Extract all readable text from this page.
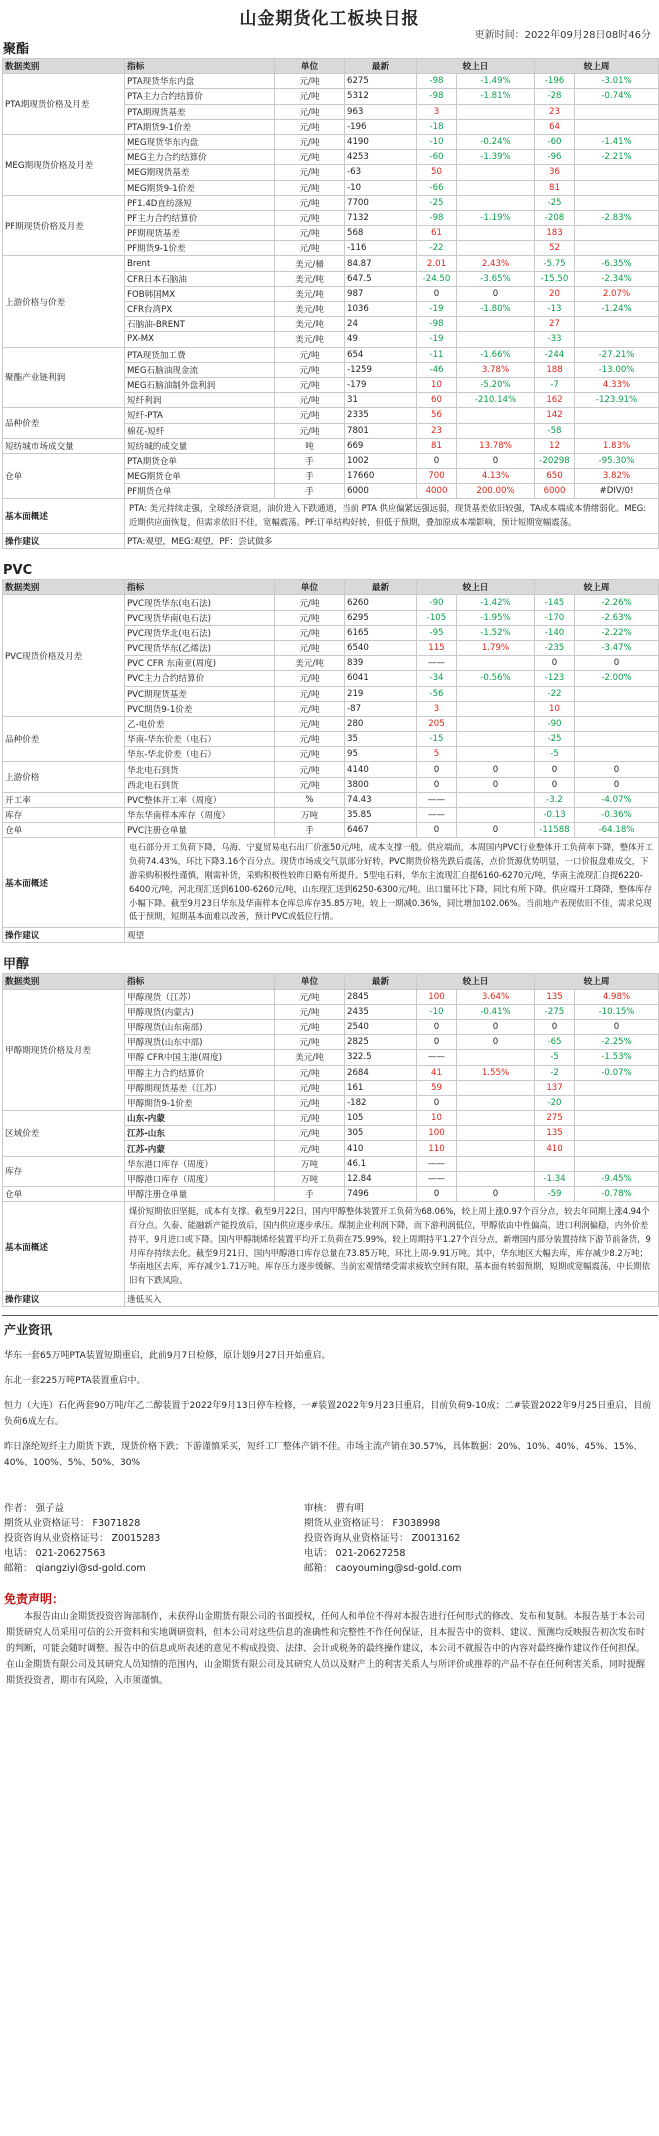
山金期货化工板块日报
更新时间：2022年09月28日08时46分
聚酯
数据类别	指标	单位	最新	较上日		较上周	
PTA期现货价格及月差	PTA现货华东内盘	元/吨	6275	-98	-1.49%	-196	-3.01%
	PTA主力合约结算价	元/吨	5312	-98	-1.81%	-28	-0.74%
	PTA期现货基差	元/吨	963	3		23	
	PTA期货9-1价差	元/吨	-196	-18		64	
MEG期现货价格及月差	MEG现货华东内盘	元/吨	4190	-10	-0.24%	-60	-1.41%
	MEG主力合约结算价	元/吨	4253	-60	-1.39%	-96	-2.21%
	MEG期现货基差	元/吨	-63	50		36	
	MEG期货9-1价差	元/吨	-10	-66		81	
PF期现货价格及月差	PF1.4D直纺涤短	元/吨	7700	-25		-25	
	PF主力合约结算价	元/吨	7132	-98	-1.19%	-208	-2.83%
	PF期现货基差	元/吨	568	61		183	
	PF期货9-1价差	元/吨	-116	-22		52	
上游价格与价差	Brent	美元/桶	84.87	2.01	2.43%	-5.75	-6.35%
	CFR日本石脑油	美元/吨	647.5	-24.50	-3.65%	-15.50	-2.34%
	FOB韩国MX	美元/吨	987	0	0	20	2.07%
	CFR台湾PX	美元/吨	1036	-19	-1.80%	-13	-1.24%
	石脑油-BRENT	美元/吨	24	-98		27	
	PX-MX	美元/吨	49	-19		-33	
聚酯产业链利润	PTA现货加工费	元/吨	654	-11	-1.66%	-244	-27.21%
	MEG石脑油现金流	元/吨	-1259	-46	3.78%	188	-13.00%
	MEG石脑油制外盘利润	元/吨	-179	10	-5.20%	-7	4.33%
	短纤利润	元/吨	31	60	-210.14%	162	-123.91%
品种价差	短纤-PTA	元/吨	2335	56		142	
	棉花-短纤	元/吨	7801	23		-58	
短纺城市场成交量	短纺城的成交量	吨	669	81	13.78%	12	1.83%
仓单	PTA期货仓单	手	1002	0	0	-20298	-95.30%
	MEG期货仓单	手	17660	700	4.13%	650	3.82%
	PF期货仓单	手	6000	4000	200.00%	6000	#DIV/0!
基本面概述	PTA: 美元持续走强，全球经济衰退，油价进入下跌通道，当前 PTA 供应偏紧远强远弱，现货基差依旧较强，TA成本端成本情绪弱化。MEG:近期供应面恢复，但需求依旧不佳，宽幅震荡。PF:订单结构好转，但低于预期，叠加原成本端影响，预计短期宽幅震荡。						
操作建议	PTA:观望，MEG:观望，PF：尝试做多						
PVC
数据类别	指标	单位	最新	较上日		较上周	
PVC现货价格及月差	PVC现货华东(电石法)	元/吨	6260	-90	-1.42%	-145	-2.26%
	PVC现货华南(电石法)	元/吨	6295	-105	-1.95%	-170	-2.63%
	PVC现货华北(电石法)	元/吨	6165	-95	-1.52%	-140	-2.22%
	PVC现货华东(乙烯法)	元/吨	6540	115	1.79%	-235	-3.47%
	PVC CFR 东南亚(周度)	美元/吨	839	——		0	0
	PVC主力合约结算价	元/吨	6041	-34	-0.56%	-123	-2.00%
	PVC期现货基差	元/吨	219	-56		-22	
	PVC期货9-1价差	元/吨	-87	3		10	
品种价差	乙-电价差	元/吨	280	205		-90	
	华南-华东价差（电石）	元/吨	35	-15		-25	
	华东-华北价差（电石）	元/吨	95	5		-5	
上游价格	华北电石到货	元/吨	4140	0	0	0	0
	西北电石到货	元/吨	3800	0	0	0	0
开工率	PVC整体开工率（周度）	%	74.43	——		-3.2	-4.07%
库存	华东华南样本库存（周度）	万吨	35.85	——		-0.13	-0.36%
仓单	PVC注册仓单量	手	6467	0	0	-11588	-64.18%
基本面概述	电石部分开工负荷下降，乌海、宁夏贸易电石出厂价涨50元/吨，成本支撑一般。供应端而，本周国内PVC行业整体开工负荷率下降，整体开工负荷74.43%，环比下降3.16个百分点。现货市场成交气氛部分好转，PVC期货价格先跌后震荡，点价货源优势明显，一口价报盘难成交，下游采购积极性谨慎，刚需补货，采购积极性较昨日略有所提升。5型电石料，华东主流现汇自提6160-6270元/吨，华南主流现汇自提6220-6400元/吨，河北现汇送到6100-6260元/吨，山东现汇送到6250-6300元/吨。出口量环比下降，同比有所下降。供应端开工降降，整体库存小幅下降。截至9月23日华东及华南样本仓库总库存35.85万吨，较上一期减0.36%，同比增加102.06%。当前地产表现依旧不佳，需求兑现低于预期，短期基本面难以改善，预计PVC或低位行情。						
操作建议	观望						
甲醇
数据类别	指标	单位	最新	较上日		较上周	
甲醇期现货价格及月差	甲醇现货（江苏）	元/吨	2845	100	3.64%	135	4.98%
	甲醇现货(内蒙古)	元/吨	2435	-10	-0.41%	-275	-10.15%
	甲醇现货(山东南部)	元/吨	2540	0	0	0	0
	甲醇现货(山东中部)	元/吨	2825	0	0	-65	-2.25%
	甲醇 CFR中国主港(周度)	美元/吨	322.5	——		-5	-1.53%
	甲醇主力合约结算价	元/吨	2684	41	1.55%	-2	-0.07%
	甲醇期现货基差（江苏）	元/吨	161	59		137	
	甲醇期货9-1价差	元/吨	-182	0		-20	
区域价差	山东-内蒙	元/吨	105	10		275	
	江苏-山东	元/吨	305	100		135	
	江苏-内蒙	元/吨	410	110		410	
库存	华东港口库存（周度）	万吨	46.1	——			
	甲醇港口库存（周度）	万吨	12.84	——		-1.34	-9.45%
仓单	甲醇注册仓单量	手	7496	0	0	-59	-0.78%
基本面概述	煤价短期依旧坚挺，成本有支撑。截至9月22日，国内甲醇整体装置开工负荷为68.06%，较上周上涨0.97个百分点，较去年同期上涨4.94个百分点。久泰、能融新产能投放后，国内供应逐步承压。煤制企业利润下降，而下游利润低位，甲醇依由中性偏高，进口利润偏稳，内外价差持平，9月进口或下降。国内甲醇制烯烃装置平均开工负荷在75.99%，较上周期持平1.27个百分点，新增国内部分装置持续下游节前备货，9月库存持续去化。截至9月21日，国内甲醇港口库存总量在73.85万吨，环比上周-9.91万吨。其中，华东地区大幅去库，库存减少8.2万吨；华南地区去库，库存减少1.71万吨。库存压力逐步缓解。当前宏观情绪受需求疲软空间有限，基本面有转弱预期，短期或宽幅震荡，中长期依旧有下跌风险。						
操作建议	逢低买入						
产业资讯

华东一套65万吨PTA装置短期重启，此前9月7日检修，原计划9月27日开始重启。

东北一套225万吨PTA装置重启中。

恒力（大连）石化两套90万吨/年乙二醇装置于2022年9月13日停车检修，一#装置2022年9月23日重启，目前负荷9-10成；二#装置2022年9月25日重启，目前负荷6成左右。

昨日涤纶短纤主力期货下跌，现货价格下跌；下游谨慎采买，短纤工厂整体产销不佳。市场主流产销在30.57%，具体数据：20%、10%、40%、45%、15%、40%、100%、5%、50%、30%

作者： 强子益
期货从业资格证号： F3071828
投资咨询从业资格证号： Z0015283
电话： 021-20627563
邮箱： qiangziyi@sd-gold.com
审核： 曹有明
期货从业资格证号： F3038998
投资咨询从业资格证号： Z0013162
电话： 021-20627258
邮箱： caoyouming@sd-gold.com
免责声明：
本报告由山金期货投资咨询部制作，未获得山金期货有限公司的书面授权，任何人和单位不得对本报告进行任何形式的修改、发布和复制。本报告基于本公司期货研究人员采用可信的公开资料和实地调研资料，但本公司对这些信息的准确性和完整性不作任何保证，且本报告中的资料、建议、预测均反映报告初次发布时的判断，可能会随时调整。报告中的信息或所表述的意见不构成投资、法律、会计或税务的最终操作建议，本公司不就报告中的内容对最终操作建议作任何担保。在山金期货有限公司及其研究人员知情的范围内，山金期货有限公司及其研究人员以及财产上的利害关系人与所评价或推荐的产品不存在任何利害关系，同时提醒期货投资者，期市有风险，入市须谨慎。
